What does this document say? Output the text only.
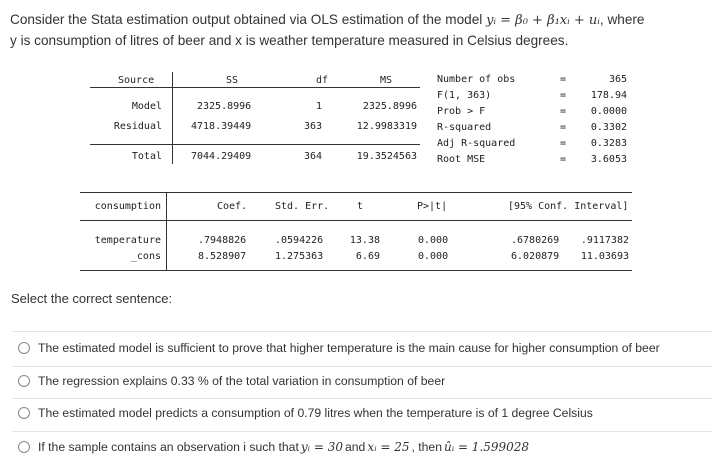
Consider the Stata estimation output obtained via OLS estimation of the model yᵢ = β₀ + β₁xᵢ + uᵢ, where
y is consumption of litres of beer and x is weather temperature measured in Celsius degrees.
Source	SS	df	MS
Model	2325.8996	1	2325.8996
Residual	4718.39449	363	12.9983319
Total	7044.29409	364	19.3524563
Number of obs	=	365
F(1, 363)	=	178.94
Prob > F	=	0.0000
R-squared	=	0.3302
Adj R-squared	=	0.3283
Root MSE	=	3.6053
consumption	Coef.	Std. Err.	t	P>|t|	[95% Conf. Interval]
temperature	.7948826	.0594226	13.38	0.000	.6780269	.9117382
_cons	8.528907	1.275363	6.69	0.000	6.020879	11.03693
Select the correct sentence:
The estimated model is sufficient to prove that higher temperature is the main cause for higher consumption of beer
The regression explains 0.33 % of the total variation in consumption of beer
The estimated model predicts a consumption of 0.79 litres when the temperature is of 1 degree Celsius
If the sample contains an observation i such that yᵢ = 30 and xᵢ = 25 , then ûᵢ = 1.599028
